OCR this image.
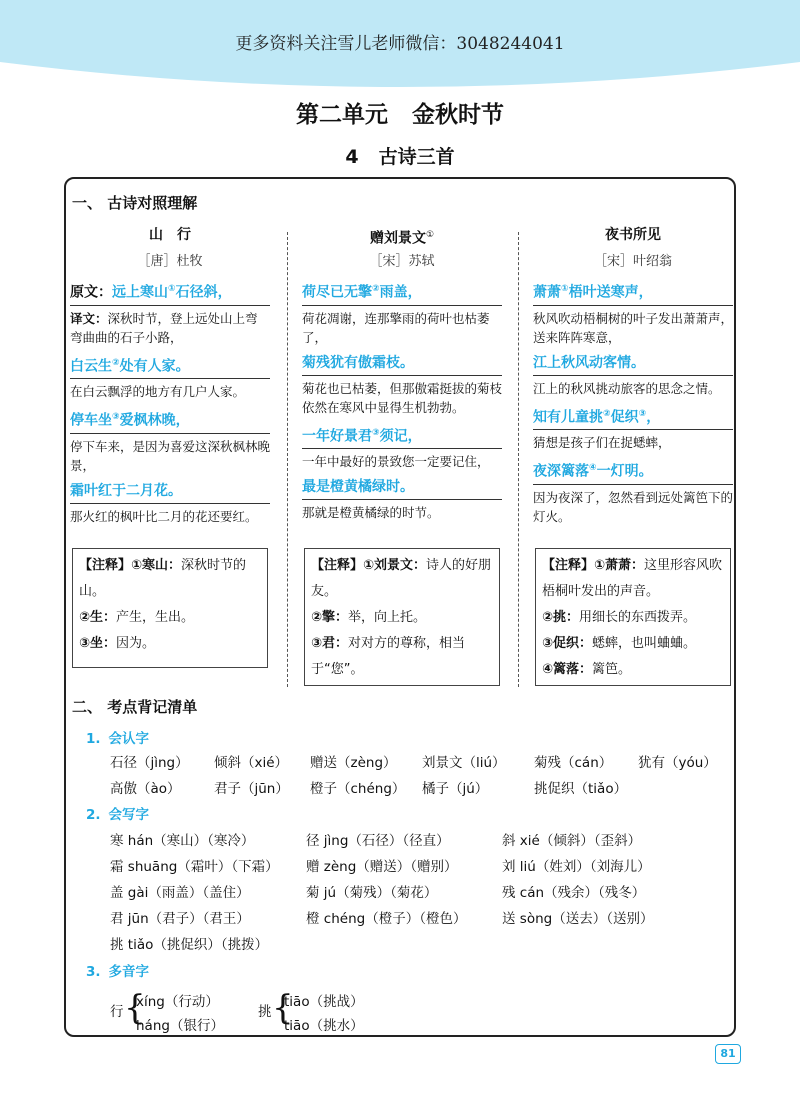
更多资料关注雪儿老师微信：3048244041
第二单元 金秋时节
4 古诗三首
一、 古诗对照理解
山　行
［唐］杜牧
原文：远上寒山①石径斜，
译文：深秋时节，登上远处山上弯弯曲曲的石子小路，
白云生②处有人家。
在白云飘浮的地方有几户人家。
停车坐③爱枫林晚，
停下车来，是因为喜爱这深秋枫林晚景，
霜叶红于二月花。
那火红的枫叶比二月的花还要红。
【注释】①寒山：深秋时节的山。
②生：产生，生出。
③坐：因为。
赠刘景文①
［宋］苏轼
荷尽已无擎②雨盖，
荷花凋谢，连那擎雨的荷叶也枯萎了，
菊残犹有傲霜枝。
菊花也已枯萎，但那傲霜挺拔的菊枝依然在寒风中显得生机勃勃。
一年好景君③须记，
一年中最好的景致您一定要记住，
最是橙黄橘绿时。
那就是橙黄橘绿的时节。
【注释】①刘景文：诗人的好朋友。
②擎：举，向上托。
③君：对对方的尊称，相当于“您”。
夜书所见
［宋］叶绍翁
萧萧①梧叶送寒声，
秋风吹动梧桐树的叶子发出萧萧声，送来阵阵寒意，
江上秋风动客情。
江上的秋风挑动旅客的思念之情。
知有儿童挑②促织③，
猜想是孩子们在捉蟋蟀，
夜深篱落④一灯明。
因为夜深了，忽然看到远处篱笆下的灯火。
【注释】①萧萧：这里形容风吹梧桐叶发出的声音。
②挑：用细长的东西拨弄。
③促织：蟋蟀，也叫蛐蛐。
④篱落：篱笆。
二、 考点背记清单
1. 会认字
石径（jìng） 倾斜（xié） 赠送（zèng） 刘景文（liú） 菊残（cán） 犹有（yóu）
高傲（ào） 君子（jūn） 橙子（chéng） 橘子（jú）	挑促织（tiǎo）
2. 会写字
寒 hán（寒山）（寒冷）	径 jìng（石径）（径直）	斜 xié（倾斜）（歪斜）
霜 shuāng（霜叶）（下霜） 赠 zèng（赠送）（赠别）	刘 liú（姓刘）（刘海儿）
盖 gài（雨盖）（盖住）	菊 jú（菊残）（菊花）	残 cán（残余）（残冬）
君 jūn（君子）（君王）	橙 chéng（橙子）（橙色）	送 sòng（送去）（送别）
挑 tiǎo（挑促织）（挑拨）
3. 多音字
行 {
xíng（行动）
háng（银行）
挑 {
tiāo（挑战）
tiāo（挑水）
81
